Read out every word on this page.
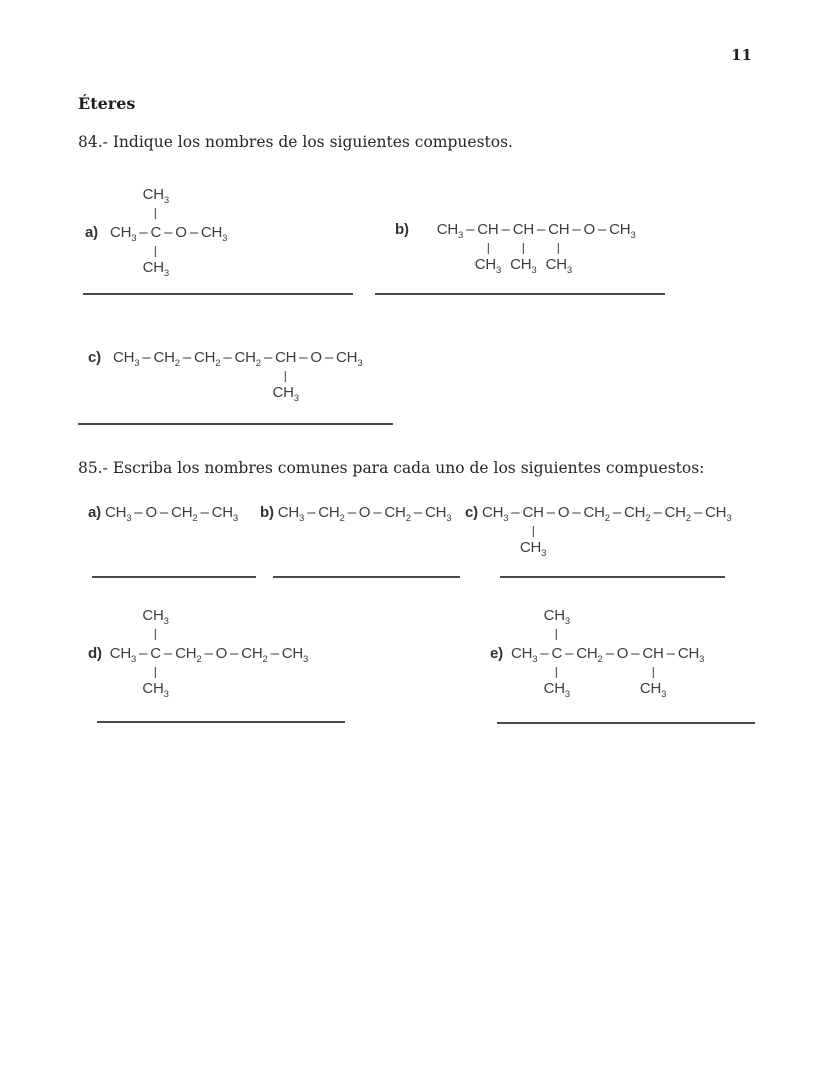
11
Éteres
84.- Indique los nombres de los siguientes compuestos.
a) $CH_3$ – C
$CH_3$
$CH_3$
– O – $CH_3$
b) $CH_3$ – CH
$CH_3$
– CH
$CH_3$
– CH
$CH_3$
– O – $CH_3$
c) $CH_3 - CH_2 - CH_2 - CH_2$ – CH
$CH_3$
– O – $CH_3$
85.- Escriba los nombres comunes para cada uno de los siguientes compuestos:
a) $CH_3$ – O – $CH_2 - CH_3$ b) $CH_3 - CH_2$ – O – $CH_2 - CH_3$ c) $CH_3$ – CH
$CH_3$
– O – $CH_2 - CH_2 - CH_2 - CH_3$
d) $CH_3$ – C
$CH_3$
$CH_3$
– $CH_2$ – O – $CH_2 - CH_3$	e) $CH_3$ – C
$CH_3$
$CH_3$
– $CH_2$ – O – CH
$CH_3$
– $CH_3$
